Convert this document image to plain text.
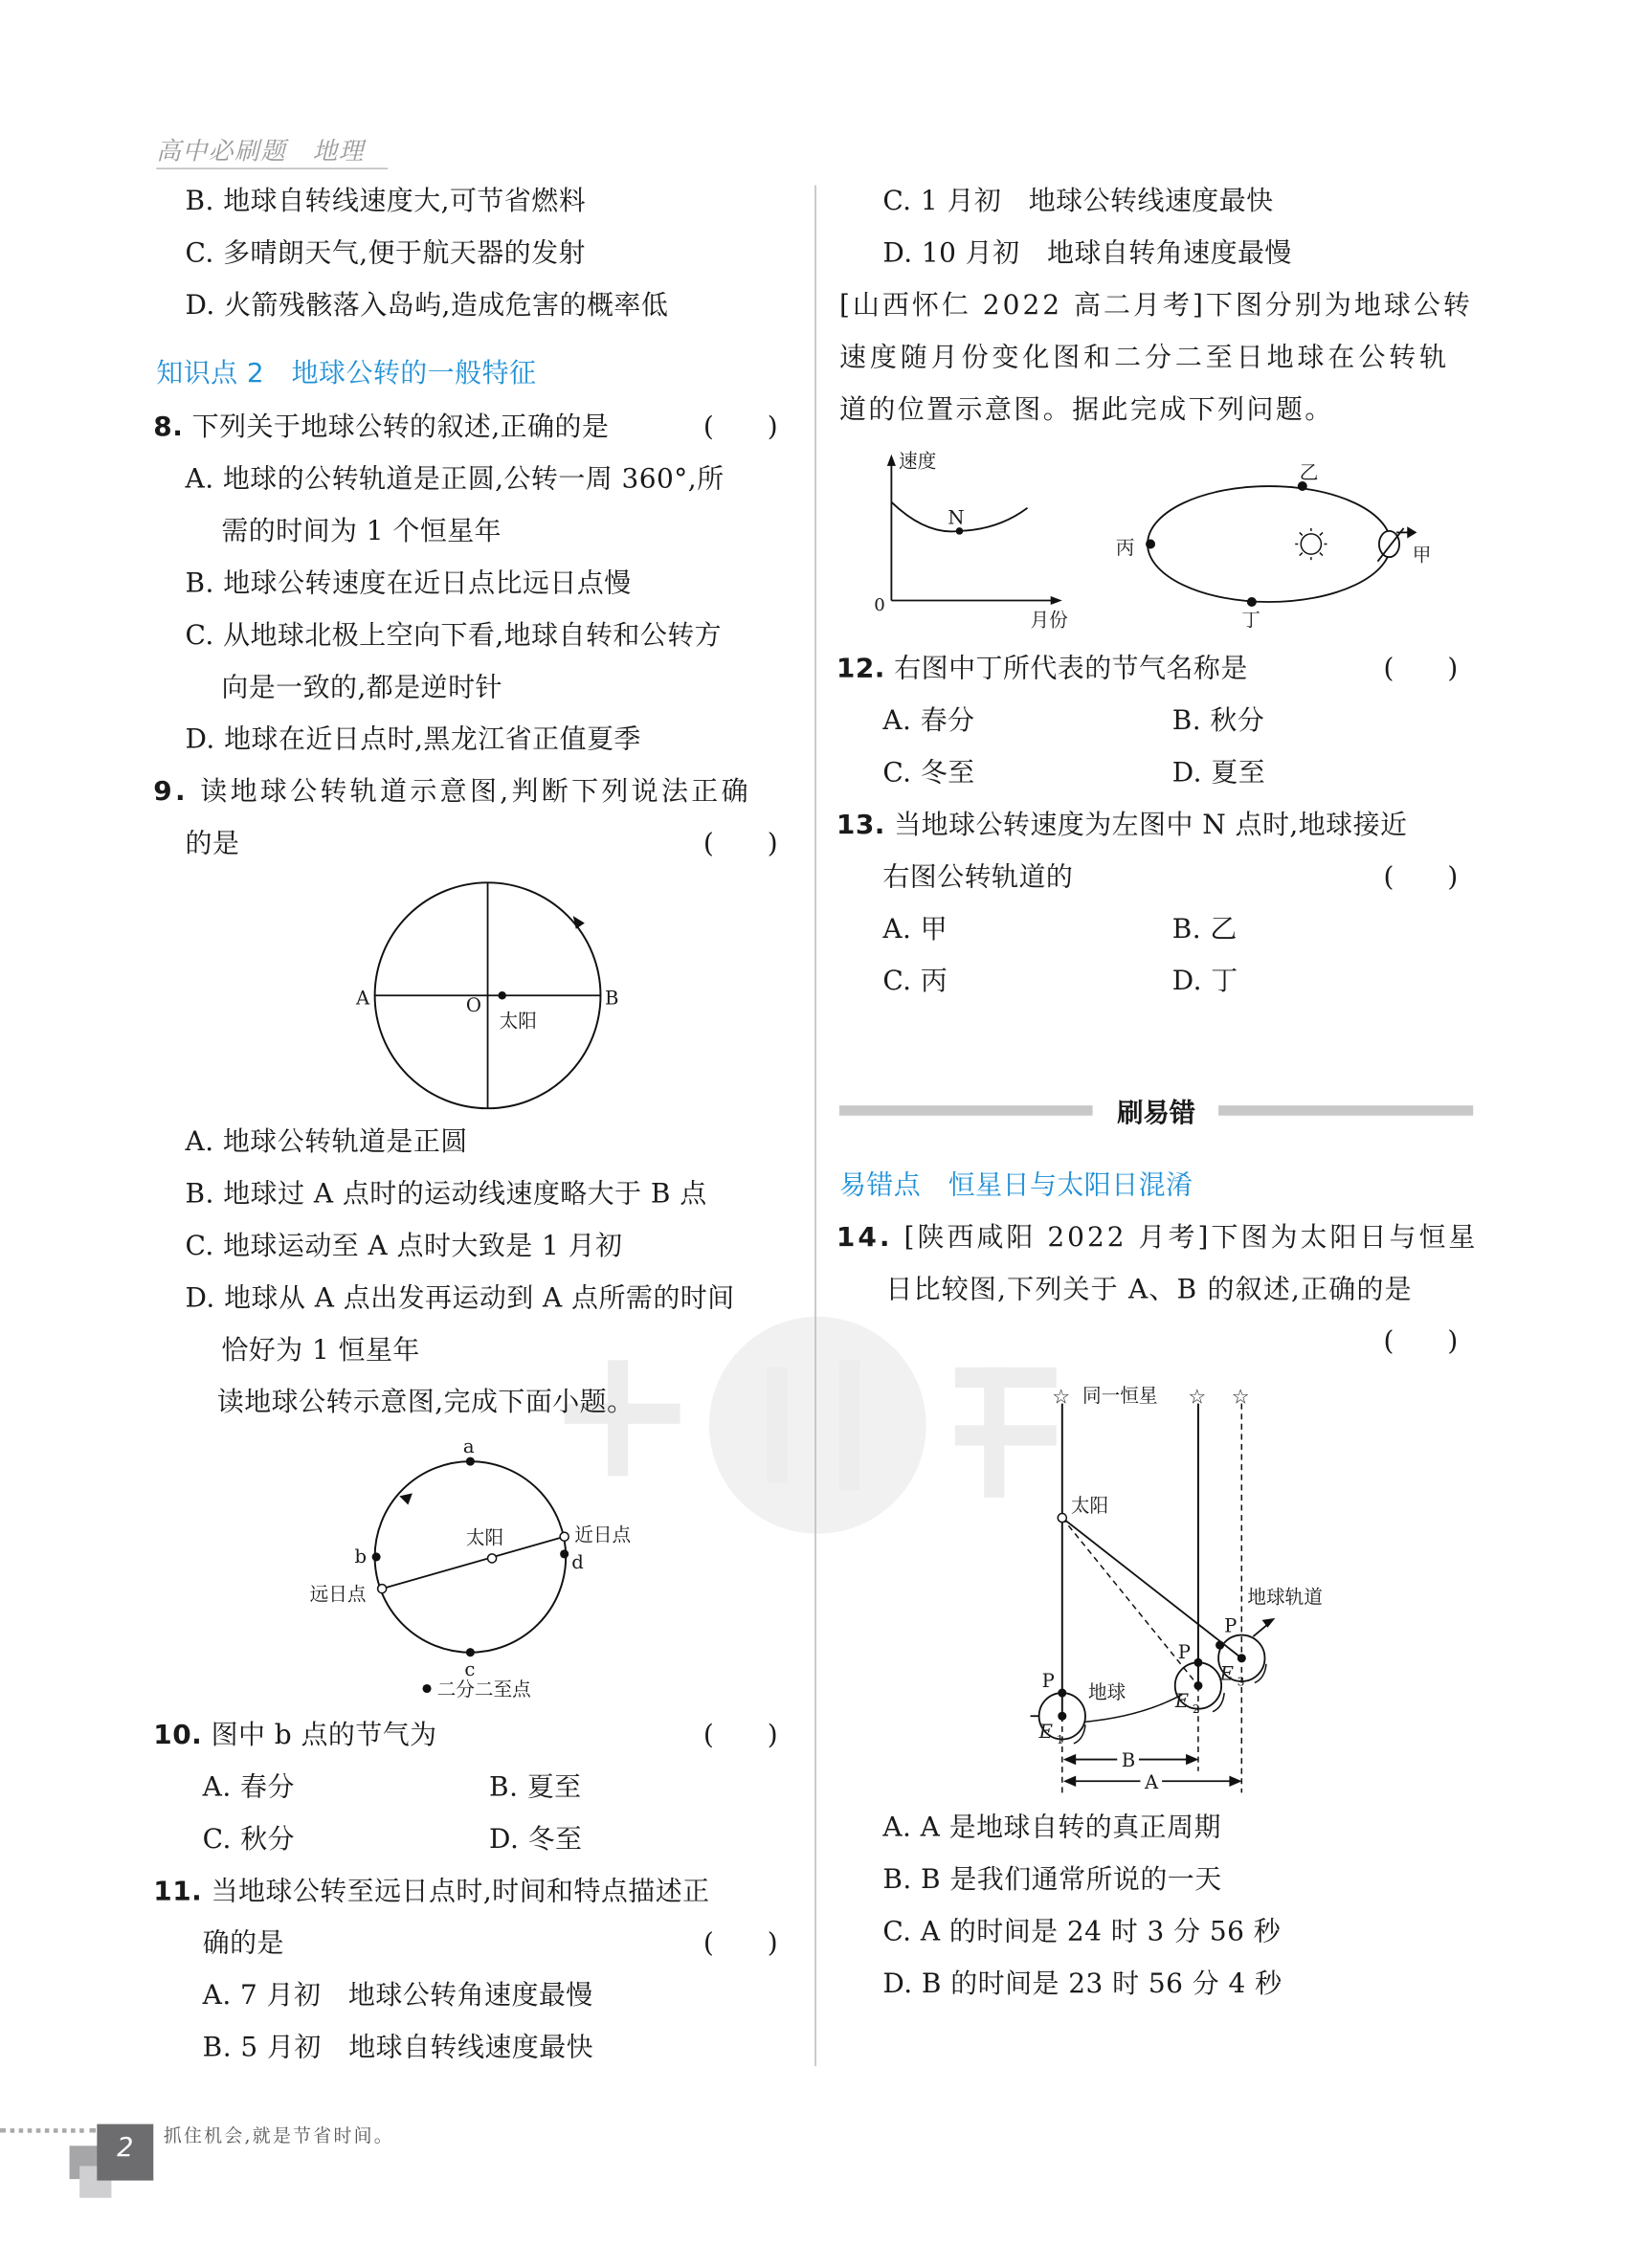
高中必刷题　地理
B. 地球自转线速度大,可节省燃料
C. 多晴朗天气,便于航天器的发射
D. 火箭残骸落入岛屿,造成危害的概率低
知识点 2　地球公转的一般特征
8. 下列关于地球公转的叙述,正确的是	(　　)
A. 地球的公转轨道是正圆,公转一周 360°,所
需的时间为 1 个恒星年
B. 地球公转速度在近日点比远日点慢
C. 从地球北极上空向下看,地球自转和公转方
向是一致的,都是逆时针
D. 地球在近日点时,黑龙江省正值夏季
9. 读地球公转轨道示意图,判断下列说法正确
的是	(　　)
A	B
O
太阳
a
b
c
d
太阳	近日点
远日点
二分二至点
速度
月份
0
N
乙
丙
丁
甲
☆	☆ ☆
同一恒星
太阳
地球
地球轨道
P
P
P
E 1
E 2
E 3
B
A
A. 地球公转轨道是正圆
B. 地球过 A 点时的运动线速度略大于 B 点
C. 地球运动至 A 点时大致是 1 月初
D. 地球从 A 点出发再运动到 A 点所需的时间
恰好为 1 恒星年
读地球公转示意图,完成下面小题。
10. 图中 b 点的节气为	(　　)
A. 春分	B. 夏至
C. 秋分	D. 冬至
11. 当地球公转至远日点时,时间和特点描述正
确的是	(　　)
A. 7 月初　地球公转角速度最慢
B. 5 月初　地球自转线速度最快
C. 1 月初　地球公转线速度最快
D. 10 月初　地球自转角速度最慢
[山西怀仁 2022 高二月考]下图分别为地球公转
速度随月份变化图和二分二至日地球在公转轨
道的位置示意图。据此完成下列问题。
12. 右图中丁所代表的节气名称是	(　　)
A. 春分	B. 秋分
C. 冬至	D. 夏至
13. 当地球公转速度为左图中 N 点时,地球接近
右图公转轨道的	(　　)
A. 甲	B. 乙
C. 丙	D. 丁
刷易错
易错点　恒星日与太阳日混淆
14. [陕西咸阳 2022 月考]下图为太阳日与恒星
日比较图,下列关于 A、B 的叙述,正确的是
(　　)
A. A 是地球自转的真正周期
B. B 是我们通常所说的一天
C. A 的时间是 24 时 3 分 56 秒
D. B 的时间是 23 时 56 分 4 秒
2	抓住机会,就是节省时间。
